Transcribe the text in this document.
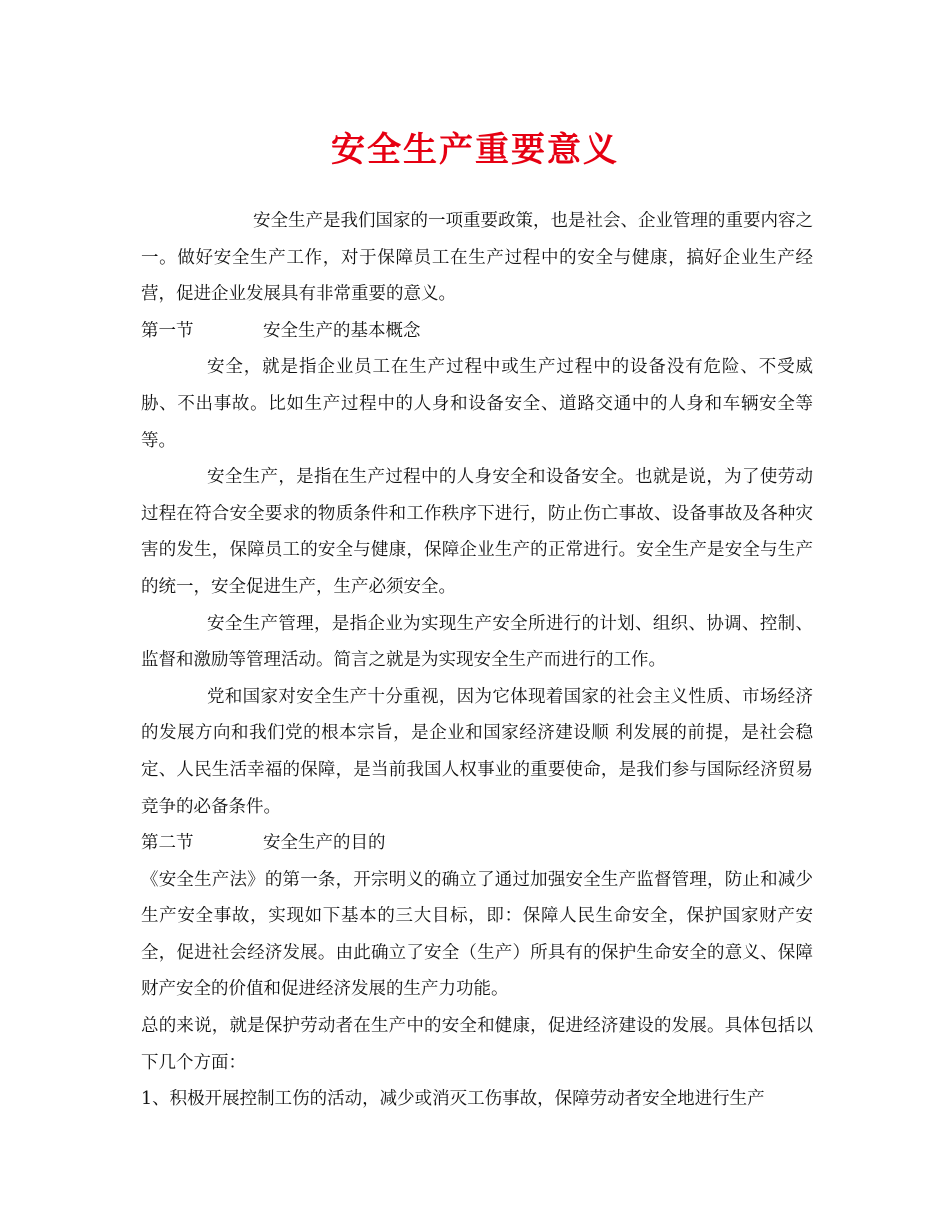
安全生产重要意义

安全生产是我们国家的一项重要政策，也是社会、企业管理的重要内容之一。做好安全生产工作，对于保障员工在生产过程中的安全与健康，搞好企业生产经营，促进企业发展具有非常重要的意义。

第一节	安全生产的基本概念

安全，就是指企业员工在生产过程中或生产过程中的设备没有危险、不受威胁、不出事故。比如生产过程中的人身和设备安全、道路交通中的人身和车辆安全等等。

安全生产，是指在生产过程中的人身安全和设备安全。也就是说，为了使劳动过程在符合安全要求的物质条件和工作秩序下进行，防止伤亡事故、设备事故及各种灾害的发生，保障员工的安全与健康，保障企业生产的正常进行。安全生产是安全与生产的统一，安全促进生产，生产必须安全。

安全生产管理，是指企业为实现生产安全所进行的计划、组织、协调、控制、监督和激励等管理活动。简言之就是为实现安全生产而进行的工作。

党和国家对安全生产十分重视，因为它体现着国家的社会主义性质、市场经济的发展方向和我们党的根本宗旨，是企业和国家经济建设顺 利发展的前提，是社会稳定、人民生活幸福的保障，是当前我国人权事业的重要使命，是我们参与国际经济贸易竞争的必备条件。

第二节	安全生产的目的

《安全生产法》的第一条，开宗明义的确立了通过加强安全生产监督管理，防止和减少生产安全事故，实现如下基本的三大目标，即：保障人民生命安全，保护国家财产安全，促进社会经济发展。由此确立了安全（生产）所具有的保护生命安全的意义、保障财产安全的价值和促进经济发展的生产力功能。

总的来说，就是保护劳动者在生产中的安全和健康，促进经济建设的发展。具体包括以下几个方面：

1、积极开展控制工伤的活动，减少或消灭工伤事故，保障劳动者安全地进行生产
